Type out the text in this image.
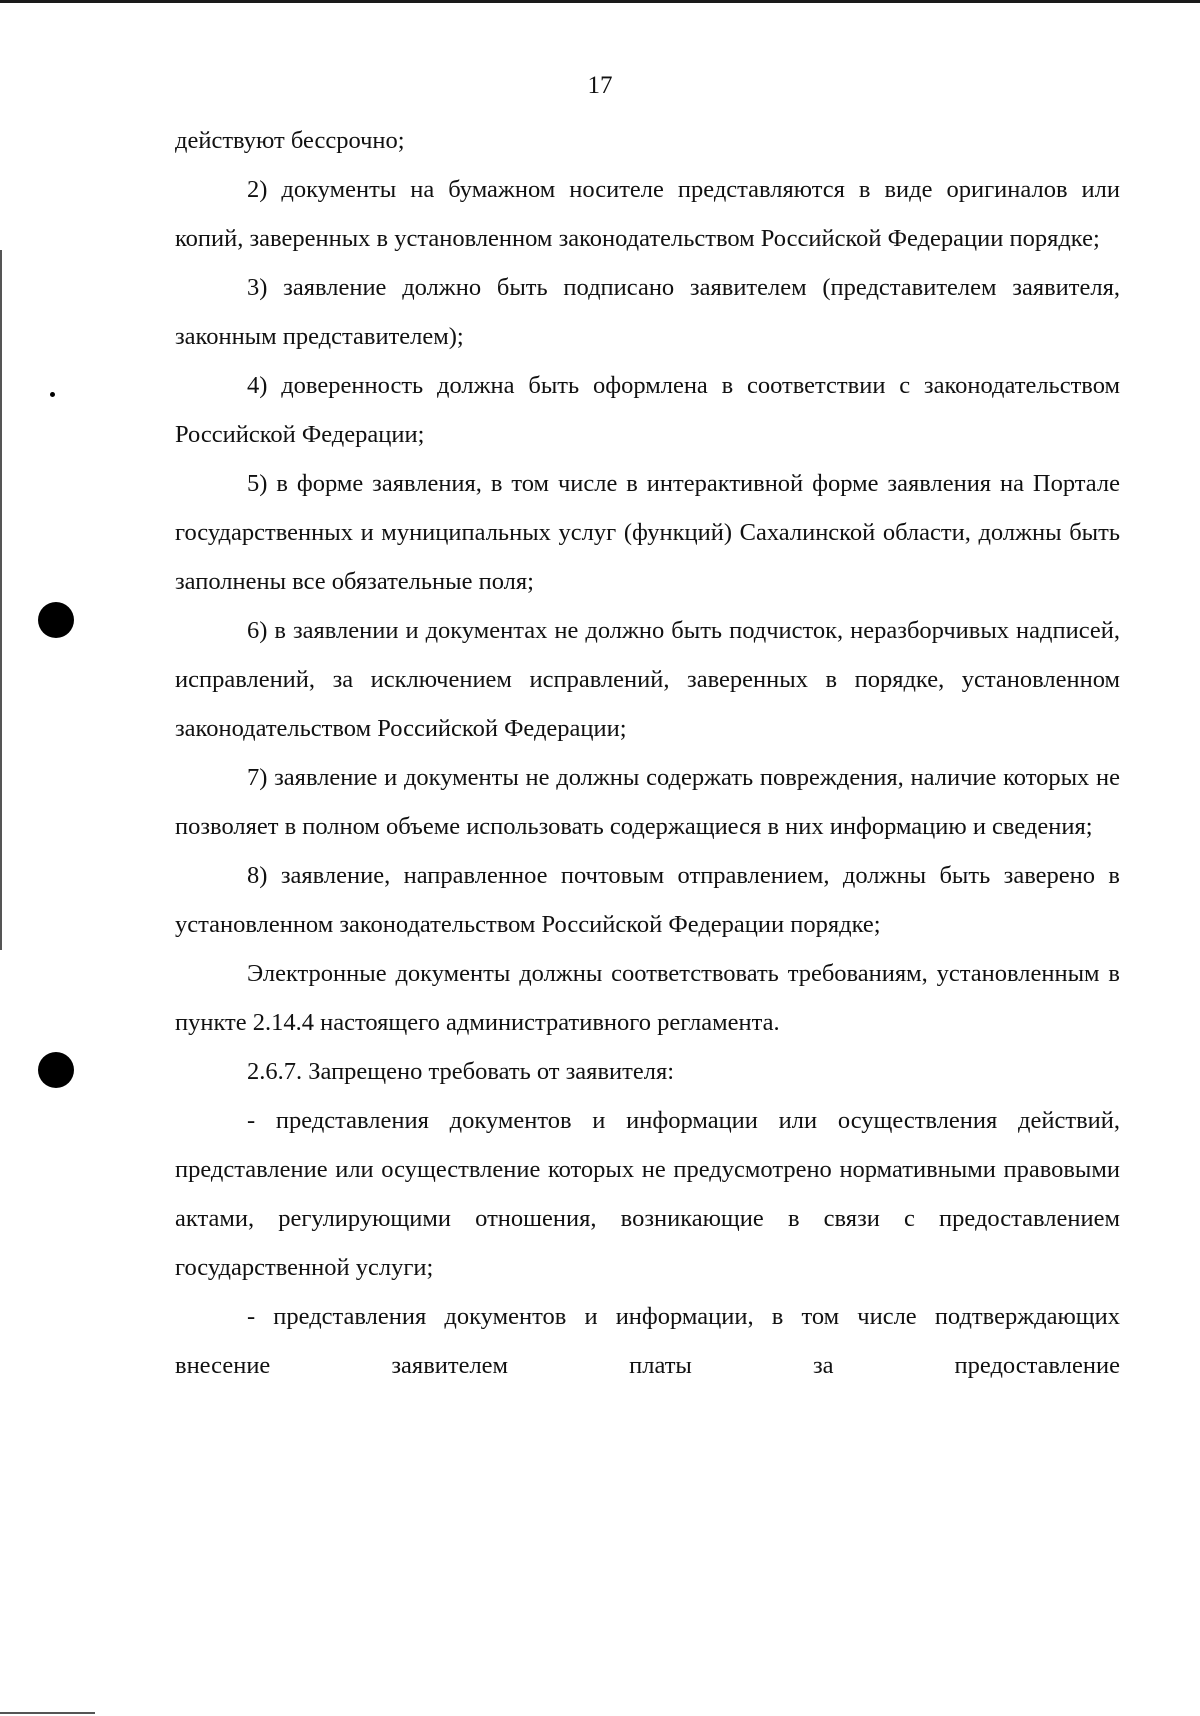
17

действуют бессрочно;

2) документы на бумажном носителе представляются в виде оригиналов или копий, заверенных в установленном законодательством Российской Федерации порядке;

3) заявление должно быть подписано заявителем (представителем заявителя, законным представителем);

4) доверенность должна быть оформлена в соответствии с законодательством Российской Федерации;

5) в форме заявления, в том числе в интерактивной форме заявления на Портале государственных и муниципальных услуг (функций) Сахалинской области, должны быть заполнены все обязательные поля;

6) в заявлении и документах не должно быть подчисток, неразборчивых надписей, исправлений, за исключением исправлений, заверенных в порядке, установленном законодательством Российской Федерации;

7) заявление и документы не должны содержать повреждения, наличие которых не позволяет в полном объеме использовать содержащиеся в них информацию и сведения;

8) заявление, направленное почтовым отправлением, должны быть заверено в установленном законодательством Российской Федерации порядке;

Электронные документы должны соответствовать требованиям, установленным в пункте 2.14.4 настоящего административного регламента.

2.6.7. Запрещено требовать от заявителя:

- представления документов и информации или осуществления действий, представление или осуществление которых не предусмотрено нормативными правовыми актами, регулирующими отношения, возникающие в связи с предоставлением государственной услуги;

- представления документов и информации, в том числе подтверждающих внесение заявителем платы за предоставление
